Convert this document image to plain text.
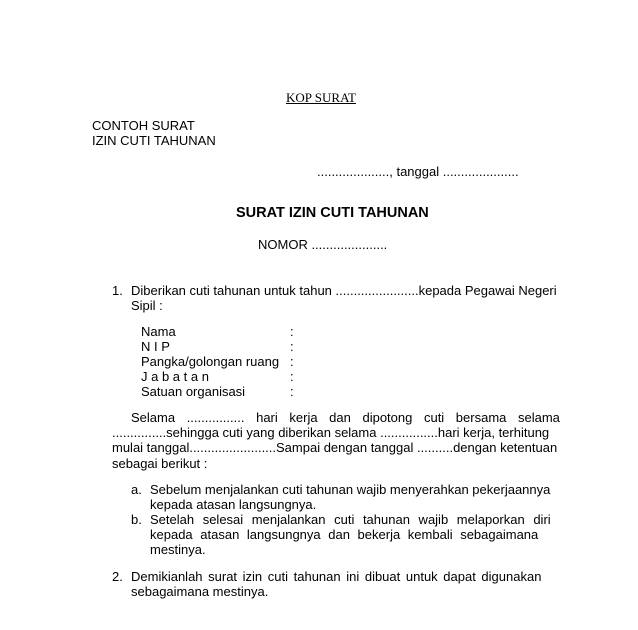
KOP SURAT
CONTOH SURAT
IZIN CUTI TAHUNAN
...................., tanggal .....................
SURAT IZIN CUTI TAHUNAN
NOMOR .....................
1. Diberikan cuti tahunan untuk tahun .......................kepada Pegawai Negeri
Sipil :
Nama	:
N I P	:
Pangka/golongan ruang :
J a b a t a n	:
Satuan organisasi	:
Selama ................ hari kerja dan dipotong cuti bersama selama
...............sehingga cuti yang diberikan selama ................hari kerja, terhitung
mulai tanggal........................Sampai dengan tanggal ..........dengan ketentuan
sebagai berikut :
a. Sebelum menjalankan cuti tahunan wajib menyerahkan pekerjaannya
kepada atasan langsungnya.
b. Setelah selesai menjalankan cuti tahunan wajib melaporkan diri
kepada atasan langsungnya dan bekerja kembali sebagaimana
mestinya.
2. Demikianlah surat izin cuti tahunan ini dibuat untuk dapat digunakan
sebagaimana mestinya.
